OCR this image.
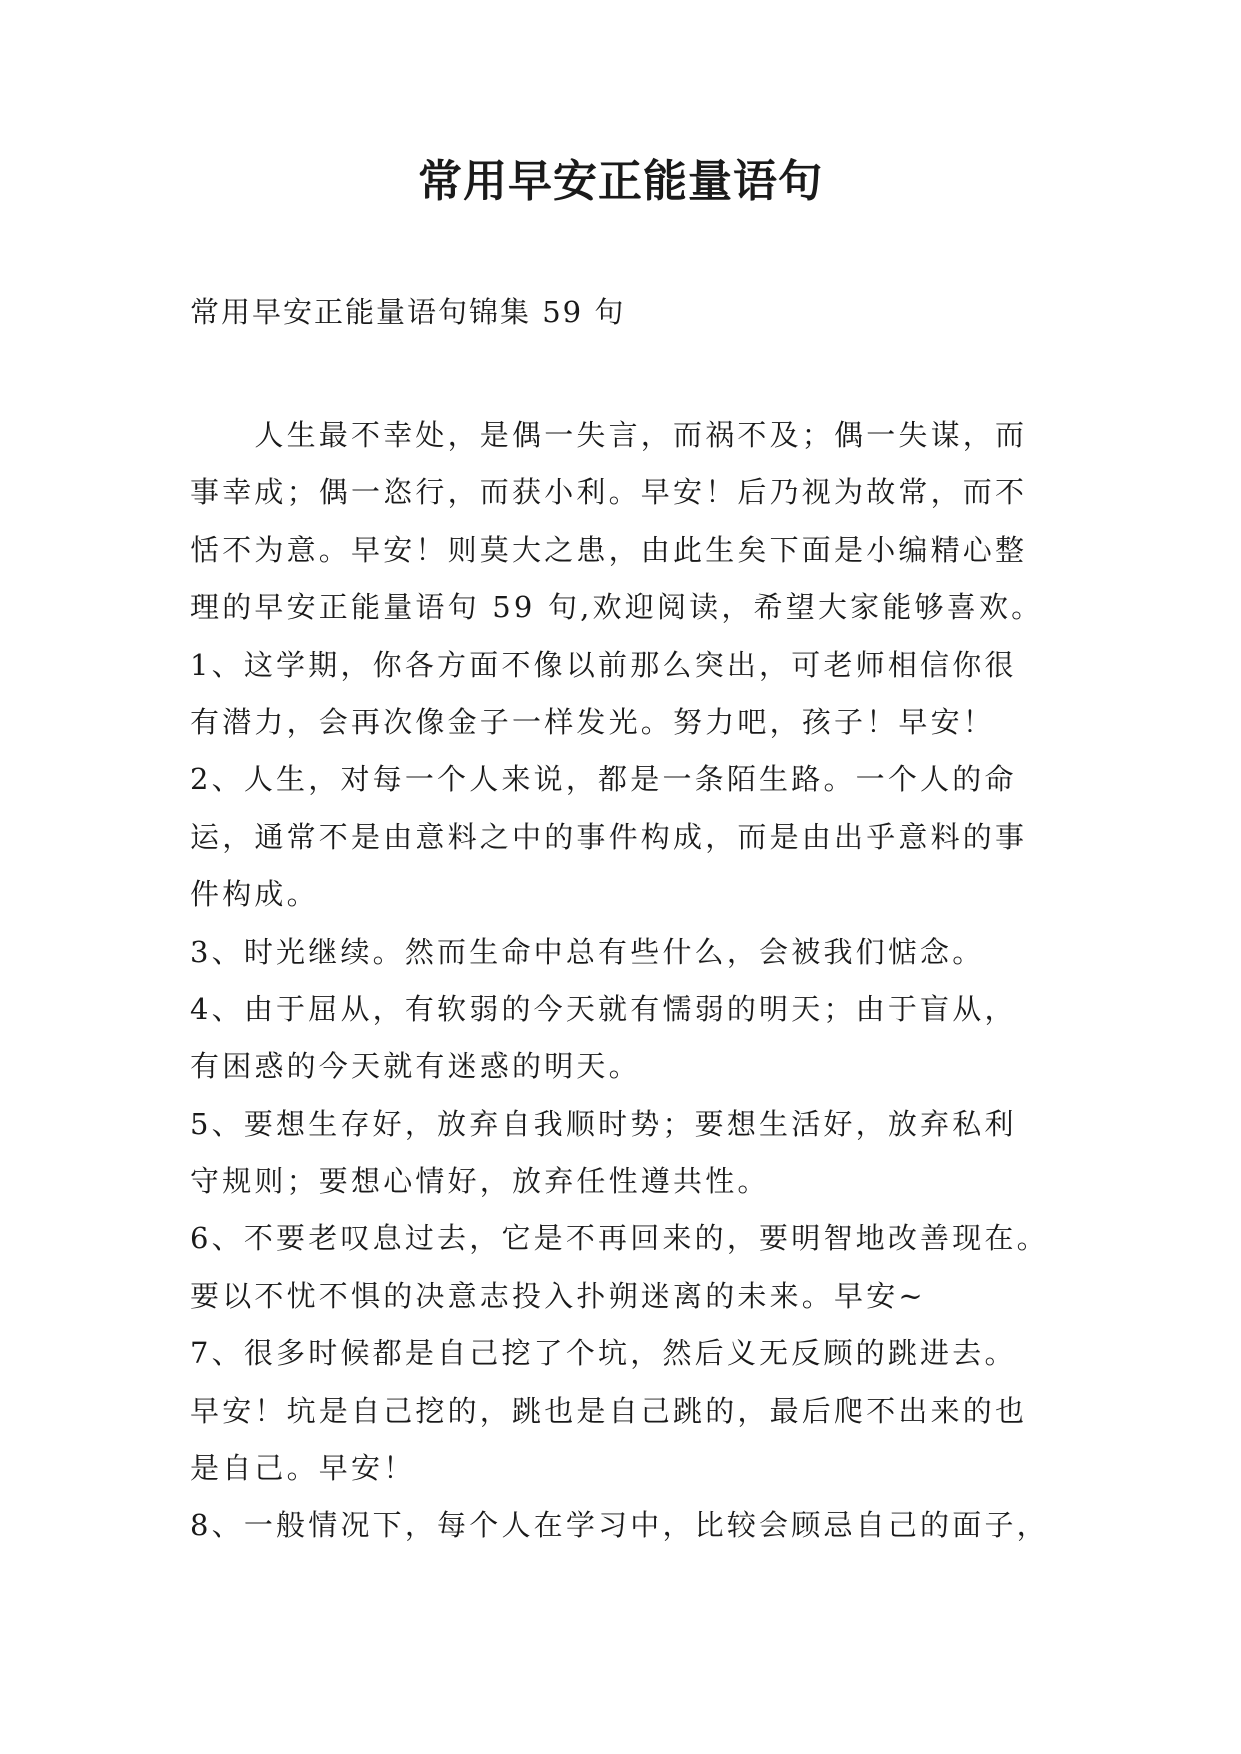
常用早安正能量语句

常用早安正能量语句锦集 59 句

　　人生最不幸处，是偶一失言，而祸不及；偶一失谋，而

事幸成；偶一恣行，而获小利。早安！后乃视为故常，而不

恬不为意。早安！则莫大之患，由此生矣下面是小编精心整

理的早安正能量语句 59 句,欢迎阅读，希望大家能够喜欢。

1、这学期，你各方面不像以前那么突出，可老师相信你很

有潜力，会再次像金子一样发光。努力吧，孩子！早安！

2、人生，对每一个人来说，都是一条陌生路。一个人的命

运，通常不是由意料之中的事件构成，而是由出乎意料的事

件构成。

3、时光继续。然而生命中总有些什么，会被我们惦念。

4、由于屈从，有软弱的今天就有懦弱的明天；由于盲从，

有困惑的今天就有迷惑的明天。

5、要想生存好，放弃自我顺时势；要想生活好，放弃私利

守规则；要想心情好，放弃任性遵共性。

6、不要老叹息过去，它是不再回来的，要明智地改善现在。

要以不忧不惧的决意志投入扑朔迷离的未来。早安~

7、很多时候都是自己挖了个坑，然后义无反顾的跳进去。

早安！坑是自己挖的，跳也是自己跳的，最后爬不出来的也

是自己。早安！

8、一般情况下，每个人在学习中，比较会顾忌自己的面子，
